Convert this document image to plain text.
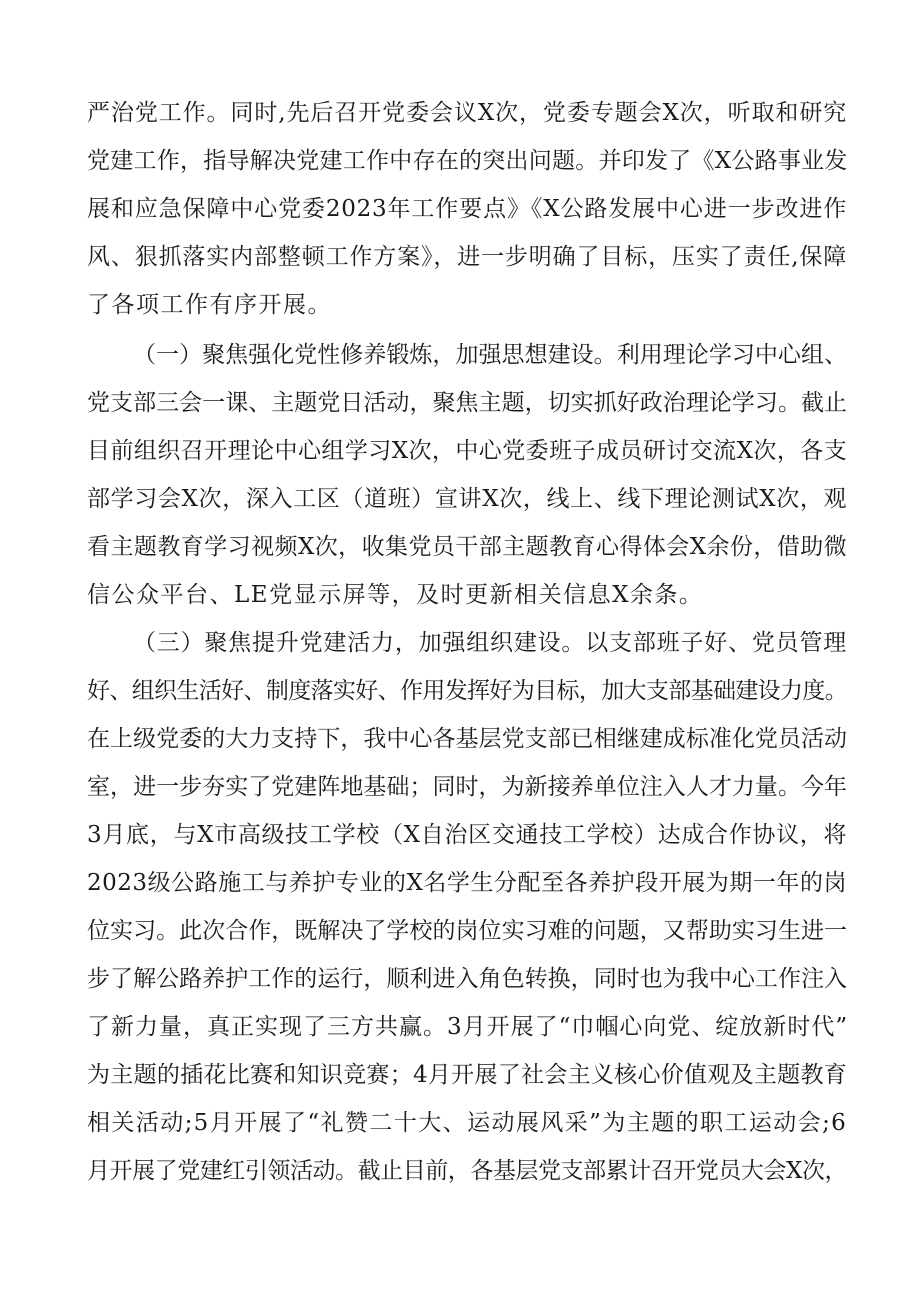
严治党工作。同时,先后召开党委会议X次，党委专题会X次，听取和研究
党建工作，指导解决党建工作中存在的突出问题。并印发了《X公路事业发
展和应急保障中心党委2023年工作要点》《X公路发展中心进一步改进作
风、狠抓落实内部整顿工作方案》，进一步明确了目标，压实了责任,保障
了各项工作有序开展。
（一）聚焦强化党性修养锻炼，加强思想建设。利用理论学习中心组、
党支部三会一课、主题党日活动，聚焦主题，切实抓好政治理论学习。截止
目前组织召开理论中心组学习X次，中心党委班子成员研讨交流X次，各支
部学习会X次，深入工区（道班）宣讲X次，线上、线下理论测试X次，观
看主题教育学习视频X次，收集党员干部主题教育心得体会X余份，借助微
信公众平台、LE党显示屏等，及时更新相关信息X余条。
（三）聚焦提升党建活力，加强组织建设。以支部班子好、党员管理
好、组织生活好、制度落实好、作用发挥好为目标，加大支部基础建设力度。
在上级党委的大力支持下，我中心各基层党支部已相继建成标准化党员活动
室，进一步夯实了党建阵地基础；同时，为新接养单位注入人才力量。今年
3月底，与X市高级技工学校（X自治区交通技工学校）达成合作协议，将
2023级公路施工与养护专业的X名学生分配至各养护段开展为期一年的岗
位实习。此次合作，既解决了学校的岗位实习难的问题，又帮助实习生进一
步了解公路养护工作的运行，顺利进入角色转换，同时也为我中心工作注入
了新力量，真正实现了三方共赢。3月开展了“巾帼心向党、绽放新时代”
为主题的插花比赛和知识竞赛；4月开展了社会主义核心价值观及主题教育
相关活动;5月开展了“礼赞二十大、运动展风采”为主题的职工运动会;6
月开展了党建红引领活动。截止目前，各基层党支部累计召开党员大会X次，
